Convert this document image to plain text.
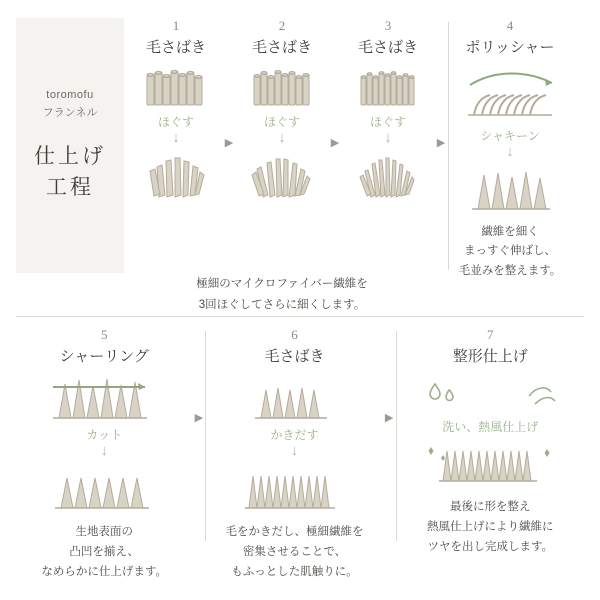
toromofu
フランネル
仕上げ
工程
1
毛さばき
ほぐす
↓	▶
2
毛さばき
ほぐす
↓	▶
3
毛さばき
ほぐす
↓
極細のマイクロファイバー繊維を
3回ほぐしてさらに細くします。
▶
4
ポリッシャー
シャキーン
↓
繊維を細く
まっすぐ伸ばし、
毛並みを整えます。
5
シャーリング
カット
↓
生地表面の
凸凹を揃え、
なめらかに仕上げます。
▶
6
毛さばき
かきだす
↓
毛をかきだし、極細繊維を
密集させることで、
もふっとした肌触りに。
▶
7
整形仕上げ
洗い、熱風仕上げ
最後に形を整え
熱風仕上げにより繊維に
ツヤを出し完成します。
